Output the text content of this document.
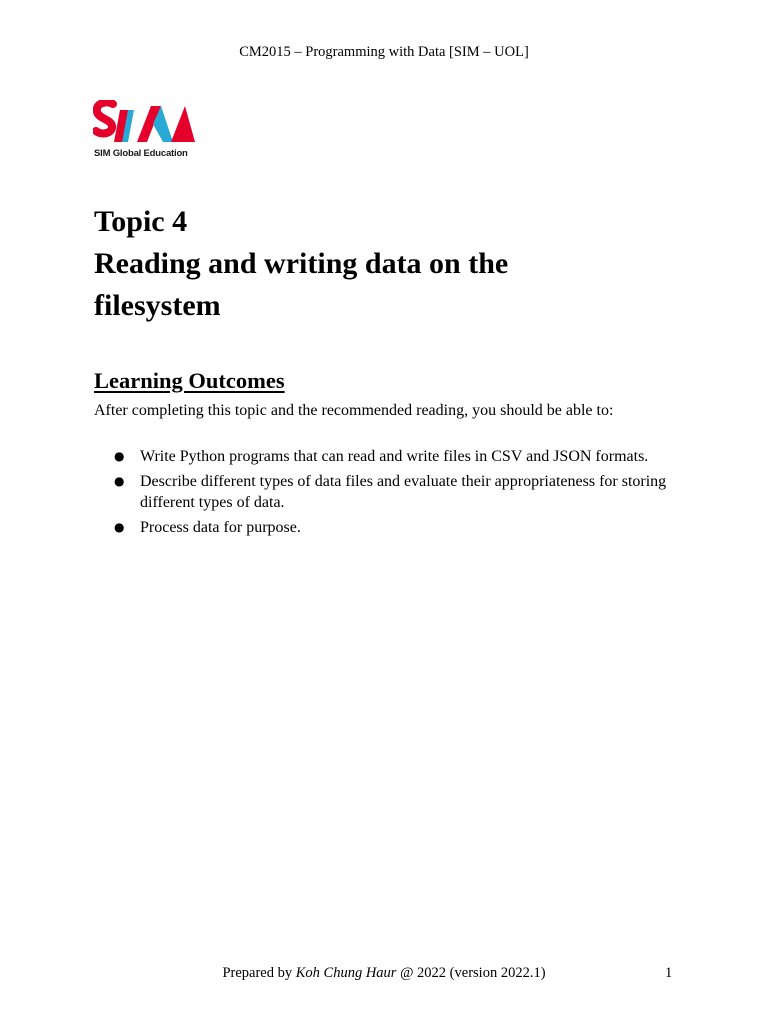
CM2015 – Programming with Data [SIM – UOL]
SIM Global Education
Topic 4
Reading and writing data on the
filesystem
Learning Outcomes

After completing this topic and the recommended reading, you should be able to:

● Write Python programs that can read and write files in CSV and JSON formats.
● Describe different types of data files and evaluate their appropriateness for storing different types of data.
● Process data for purpose.
Prepared by Koh Chung Haur @ 2022 (version 2022.1)	1
